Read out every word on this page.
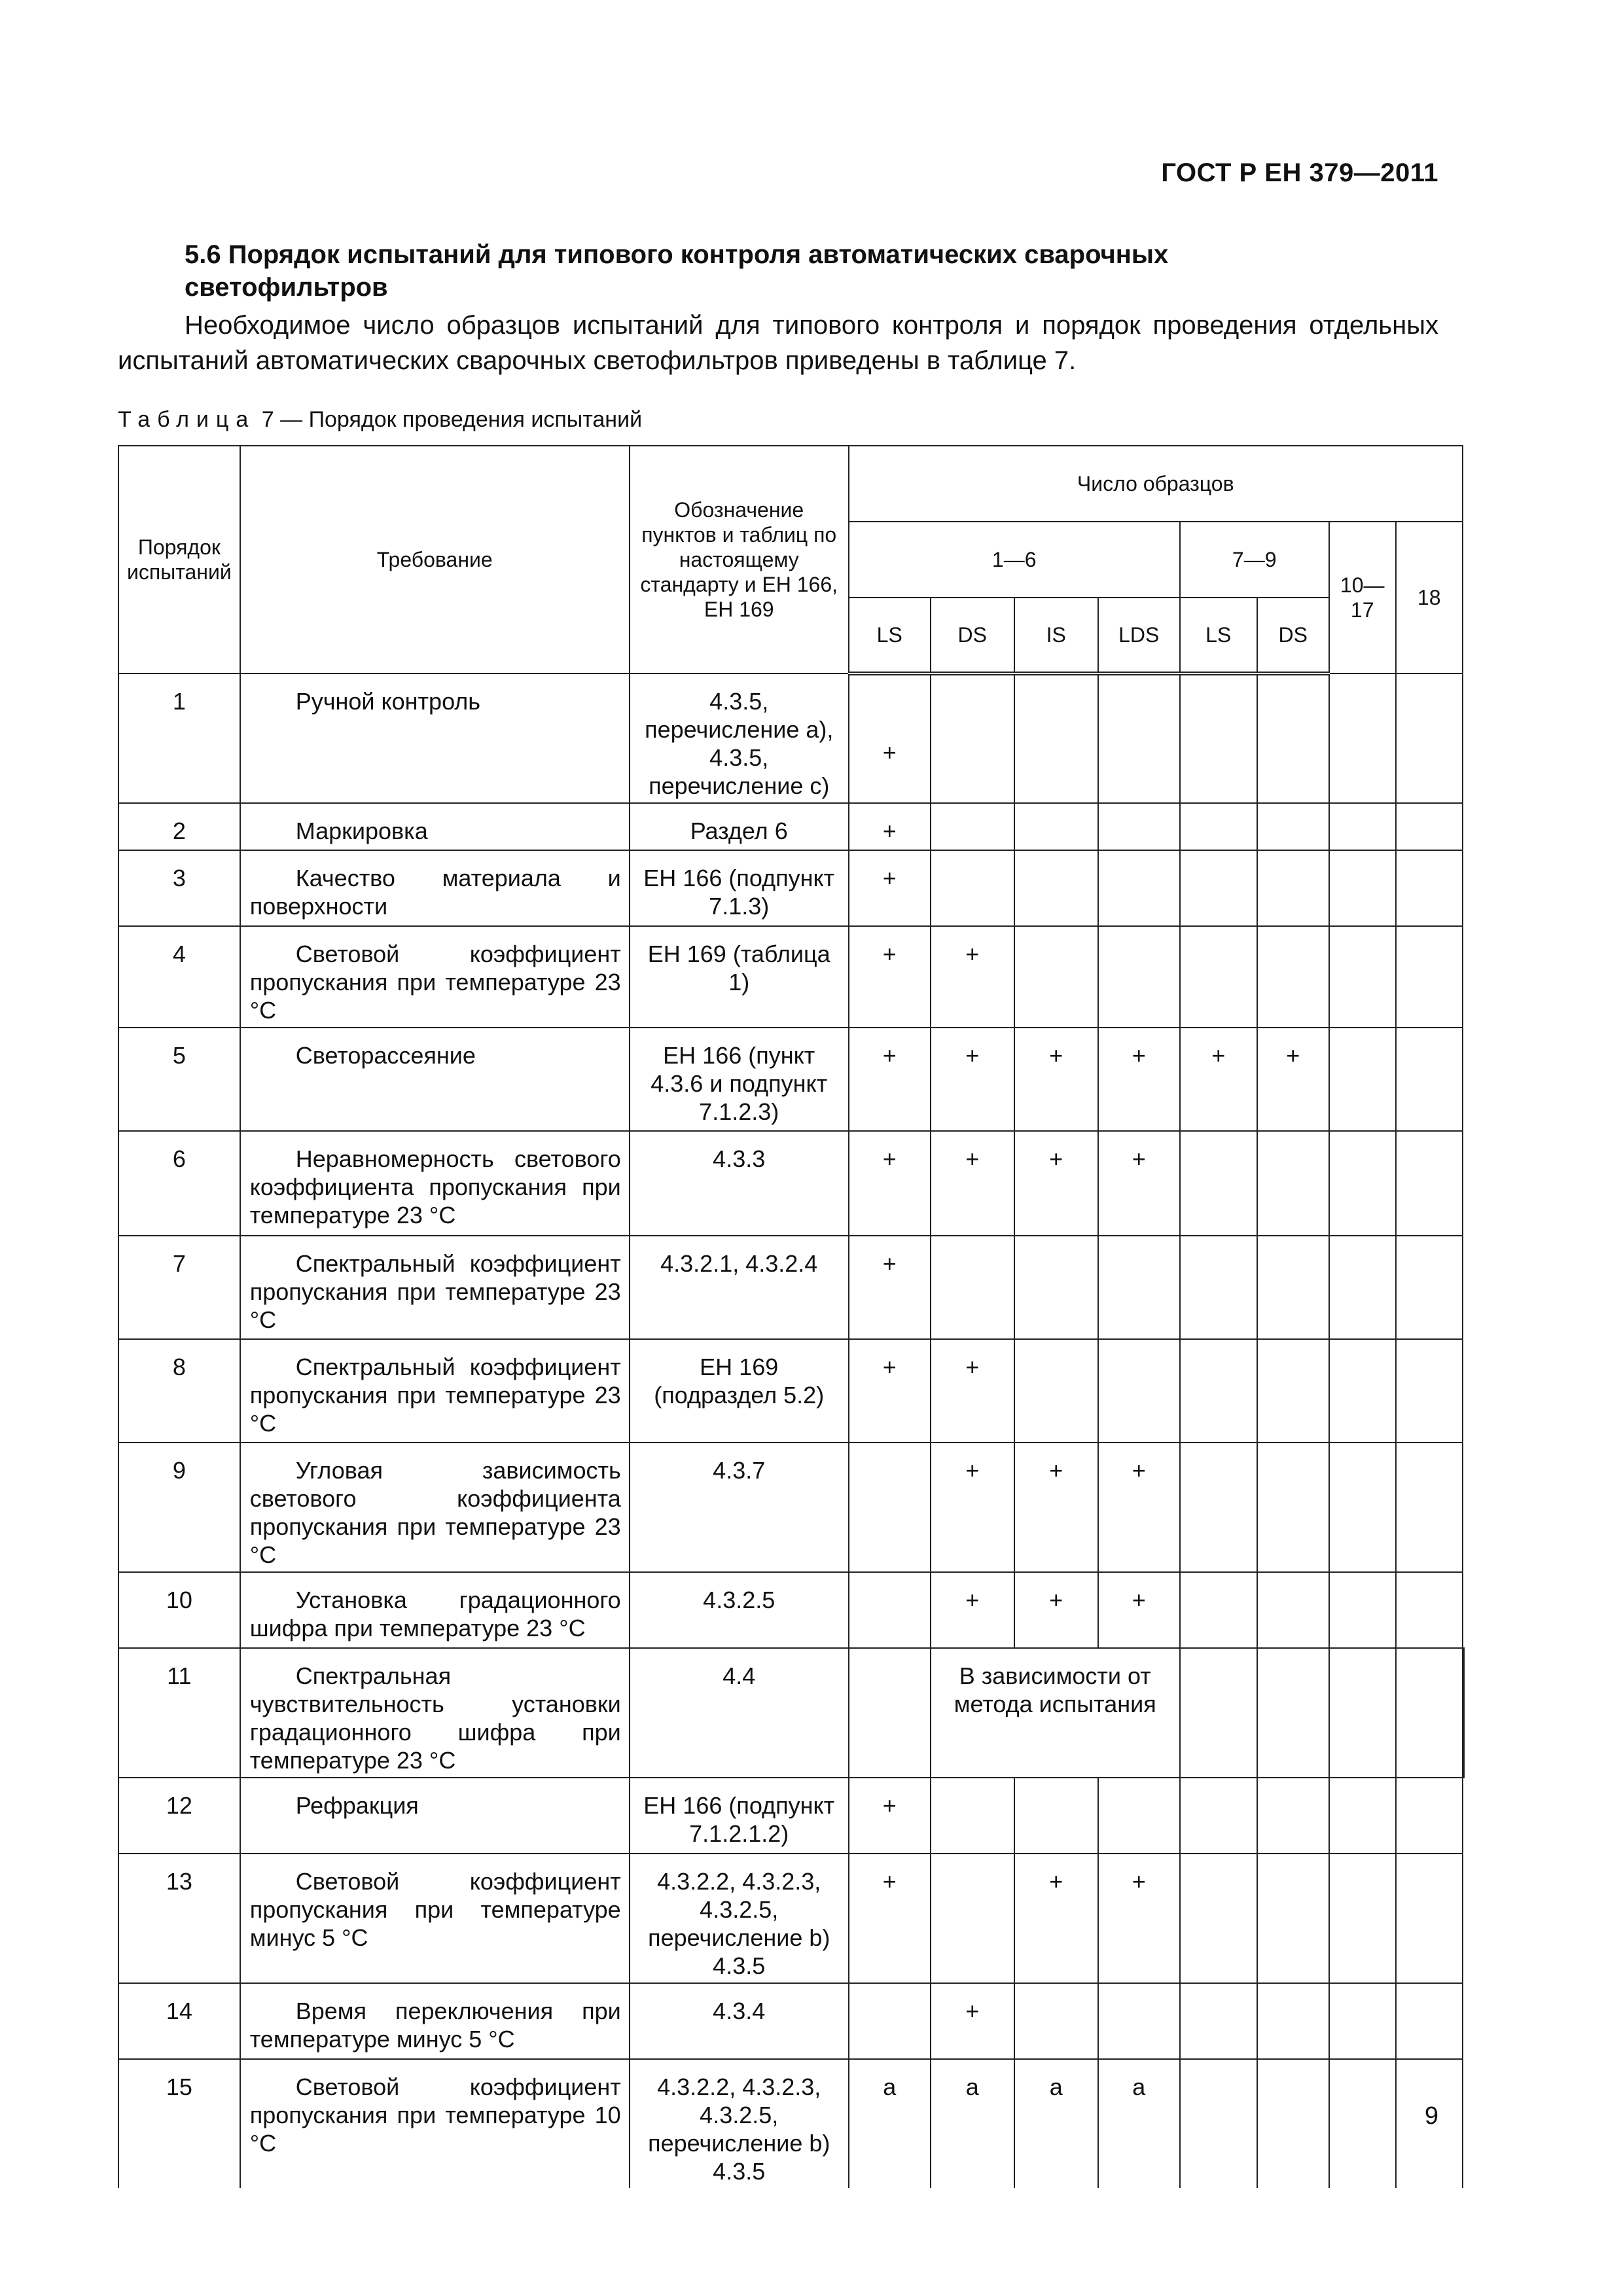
ГОСТ Р ЕН 379—2011
5.6 Порядок испытаний для типового контроля автоматических сварочных светофильтров
Необходимое число образцов испытаний для типового контроля и порядок проведения отдельных испытаний автоматических сварочных светофильтров приведены в таблице 7.
Таблица 7 — Порядок проведения испытаний
Порядок испытаний	Требование	Обозначение пунктов и таблиц по настоящему стандарту и ЕН 166, ЕН 169	Число образцов								
			1—6				7—9		10—17	18	
			LS	DS	IS	LDS	LS	DS			
1	Ручной контроль	4.3.5, перечисление а), 4.3.5, перечисление с)	+								
2	Маркировка	Раздел 6	+								
3	Качество материала и поверхности	ЕН 166 (подпункт 7.1.3)	+								
4	Световой коэффициент пропускания при температуре 23 °С	ЕН 169 (таблица 1)	+	+							
5	Светорассеяние	ЕН 166 (пункт 4.3.6 и подпункт 7.1.2.3)	+	+	+	+	+	+			
6	Неравномерность светового коэффициента пропускания при температуре 23 °С	4.3.3	+	+	+	+					
7	Спектральный коэффициент пропускания при температуре 23 °С	4.3.2.1, 4.3.2.4	+								
8	Спектральный коэффициент пропускания при температуре 23 °С	ЕН 169 (подраздел 5.2)	+	+							
9	Угловая зависимость светового коэффициента пропускания при температуре 23 °С	4.3.7		+	+	+					
10	Установка градационного шифра при температуре 23 °С	4.3.2.5		+	+	+					
11	Спектральная чувствительность установки градационного шифра при температуре 23 °С	4.4		В зависимости от метода испытания							
12	Рефракция	ЕН 166 (подпункт 7.1.2.1.2)	+								
13	Световой коэффициент пропускания при температуре минус 5 °С	4.3.2.2, 4.3.2.3, 4.3.2.5, перечисление b) 4.3.5	+		+	+					
14	Время переключения при температуре минус 5 °С	4.3.4		+							
15	Световой коэффициент пропускания при температуре 10 °С	4.3.2.2, 4.3.2.3, 4.3.2.5, перечисление b) 4.3.5	a	a	a	a					
9
